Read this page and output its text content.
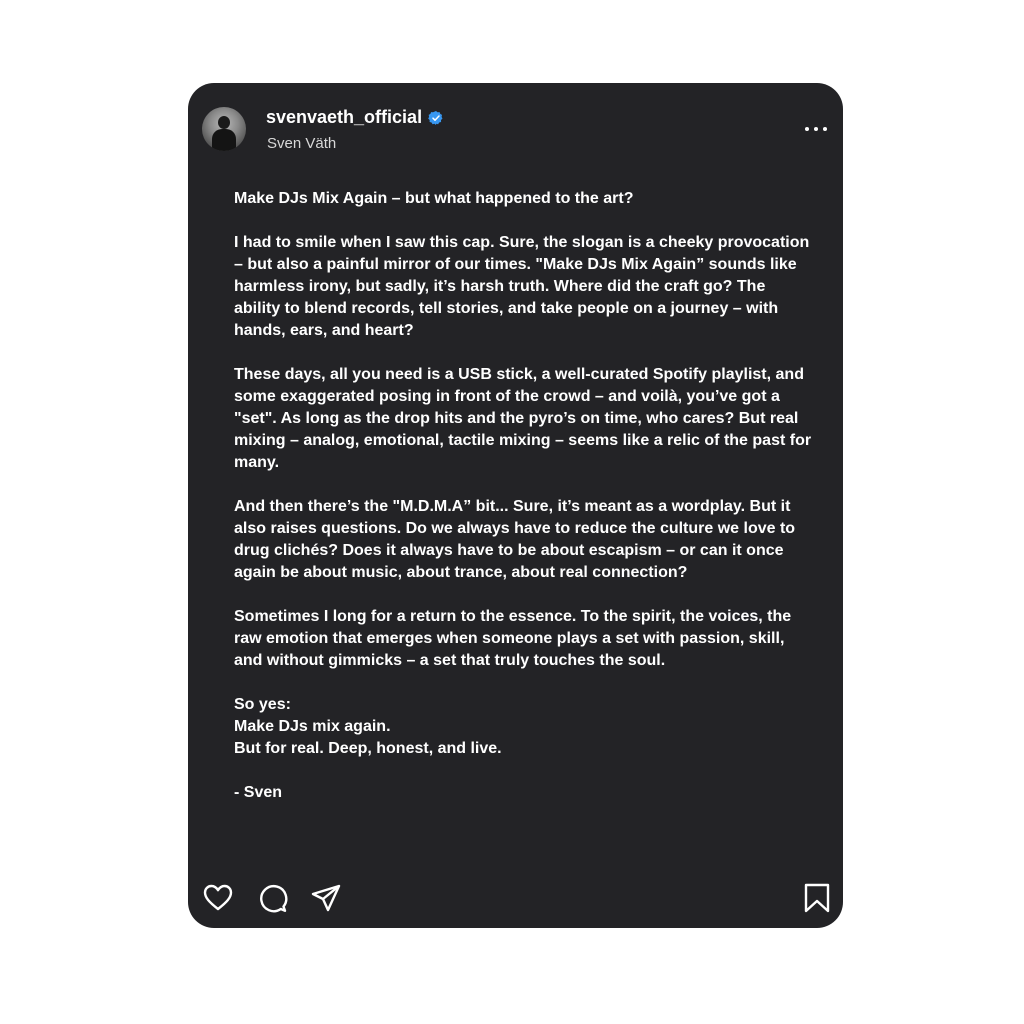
svenvaeth_official
Sven Väth

Make DJs Mix Again – but what happened to the art?

I had to smile when I saw this cap. Sure, the slogan is a cheeky provocation – but also a painful mirror of our times. "Make DJs Mix Again” sounds like harmless irony, but sadly, it’s harsh truth. Where did the craft go? The ability to blend records, tell stories, and take people on a journey – with hands, ears, and heart?

These days, all you need is a USB stick, a well-curated Spotify playlist, and some exaggerated posing in front of the crowd – and voilà, you’ve got a "set". As long as the drop hits and the pyro’s on time, who cares? But real mixing – analog, emotional, tactile mixing – seems like a relic of the past for many.

And then there’s the "M.D.M.A” bit... Sure, it’s meant as a wordplay. But it also raises questions. Do we always have to reduce the culture we love to drug clichés? Does it always have to be about escapism – or can it once again be about music, about trance, about real connection?

Sometimes I long for a return to the essence. To the spirit, the voices, the raw emotion that emerges when someone plays a set with passion, skill, and without gimmicks – a set that truly touches the soul.

So yes:

Make DJs mix again.

But for real. Deep, honest, and live.

- Sven
